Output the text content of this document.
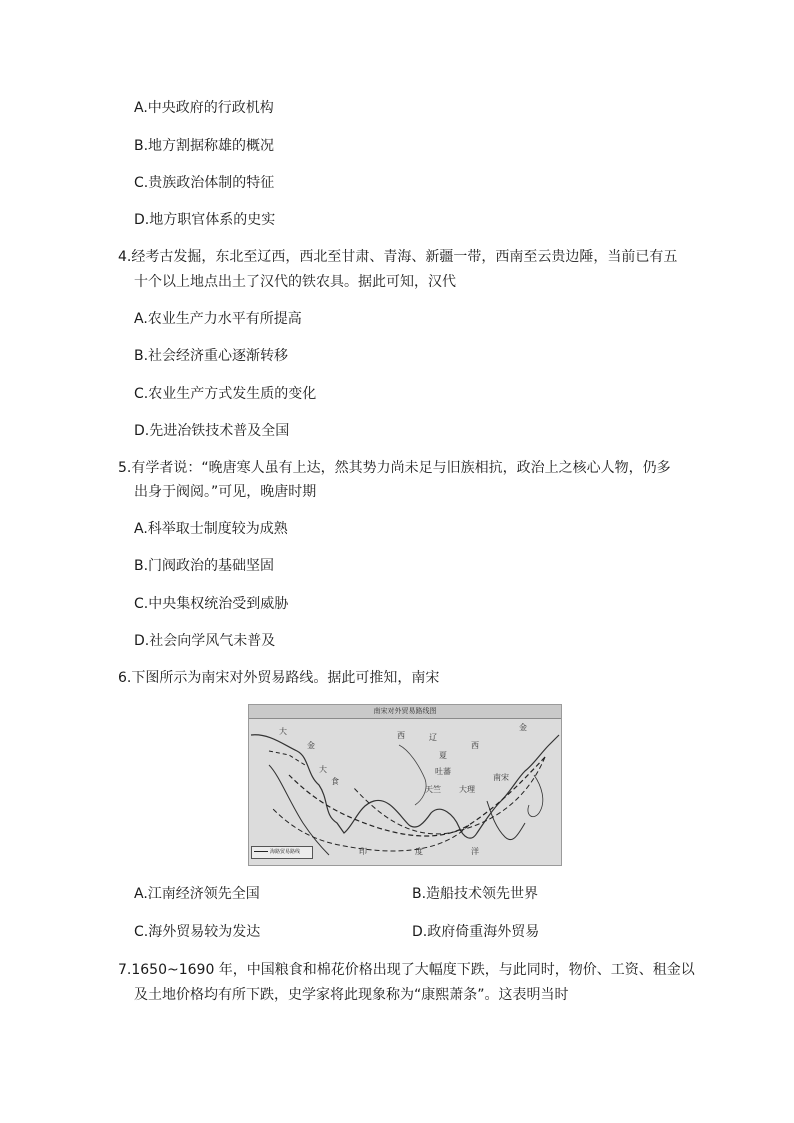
A.中央政府的行政机构
B.地方割据称雄的概况
C.贵族政治体制的特征
D.地方职官体系的史实
4.经考古发掘，东北至辽西，西北至甘肃、青海、新疆一带，西南至云贵边陲，当前已有五
十个以上地点出土了汉代的铁农具。据此可知，汉代
A.农业生产力水平有所提高
B.社会经济重心逐渐转移
C.农业生产方式发生质的变化
D.先进冶铁技术普及全国
5.有学者说：“晚唐寒人虽有上达，然其势力尚未足与旧族相抗，政治上之核心人物，仍多
出身于阀阅。”可见，晚唐时期
A.科举取士制度较为成熟
B.门阀政治的基础坚固
C.中央集权统治受到威胁
D.社会向学风气未普及
6.下图所示为南宋对外贸易路线。据此可推知，南宋
南宋对外贸易路线图
大
金
大
食
西	辽
夏
西
吐蕃
大理
南宋
天竺
金
印	度	洋
海路贸易路线
A.江南经济领先全国	B.造船技术领先世界
C.海外贸易较为发达	D.政府倚重海外贸易
7.1650~1690 年，中国粮食和棉花价格出现了大幅度下跌，与此同时，物价、工资、租金以
及土地价格均有所下跌，史学家将此现象称为“康熙萧条”。这表明当时
